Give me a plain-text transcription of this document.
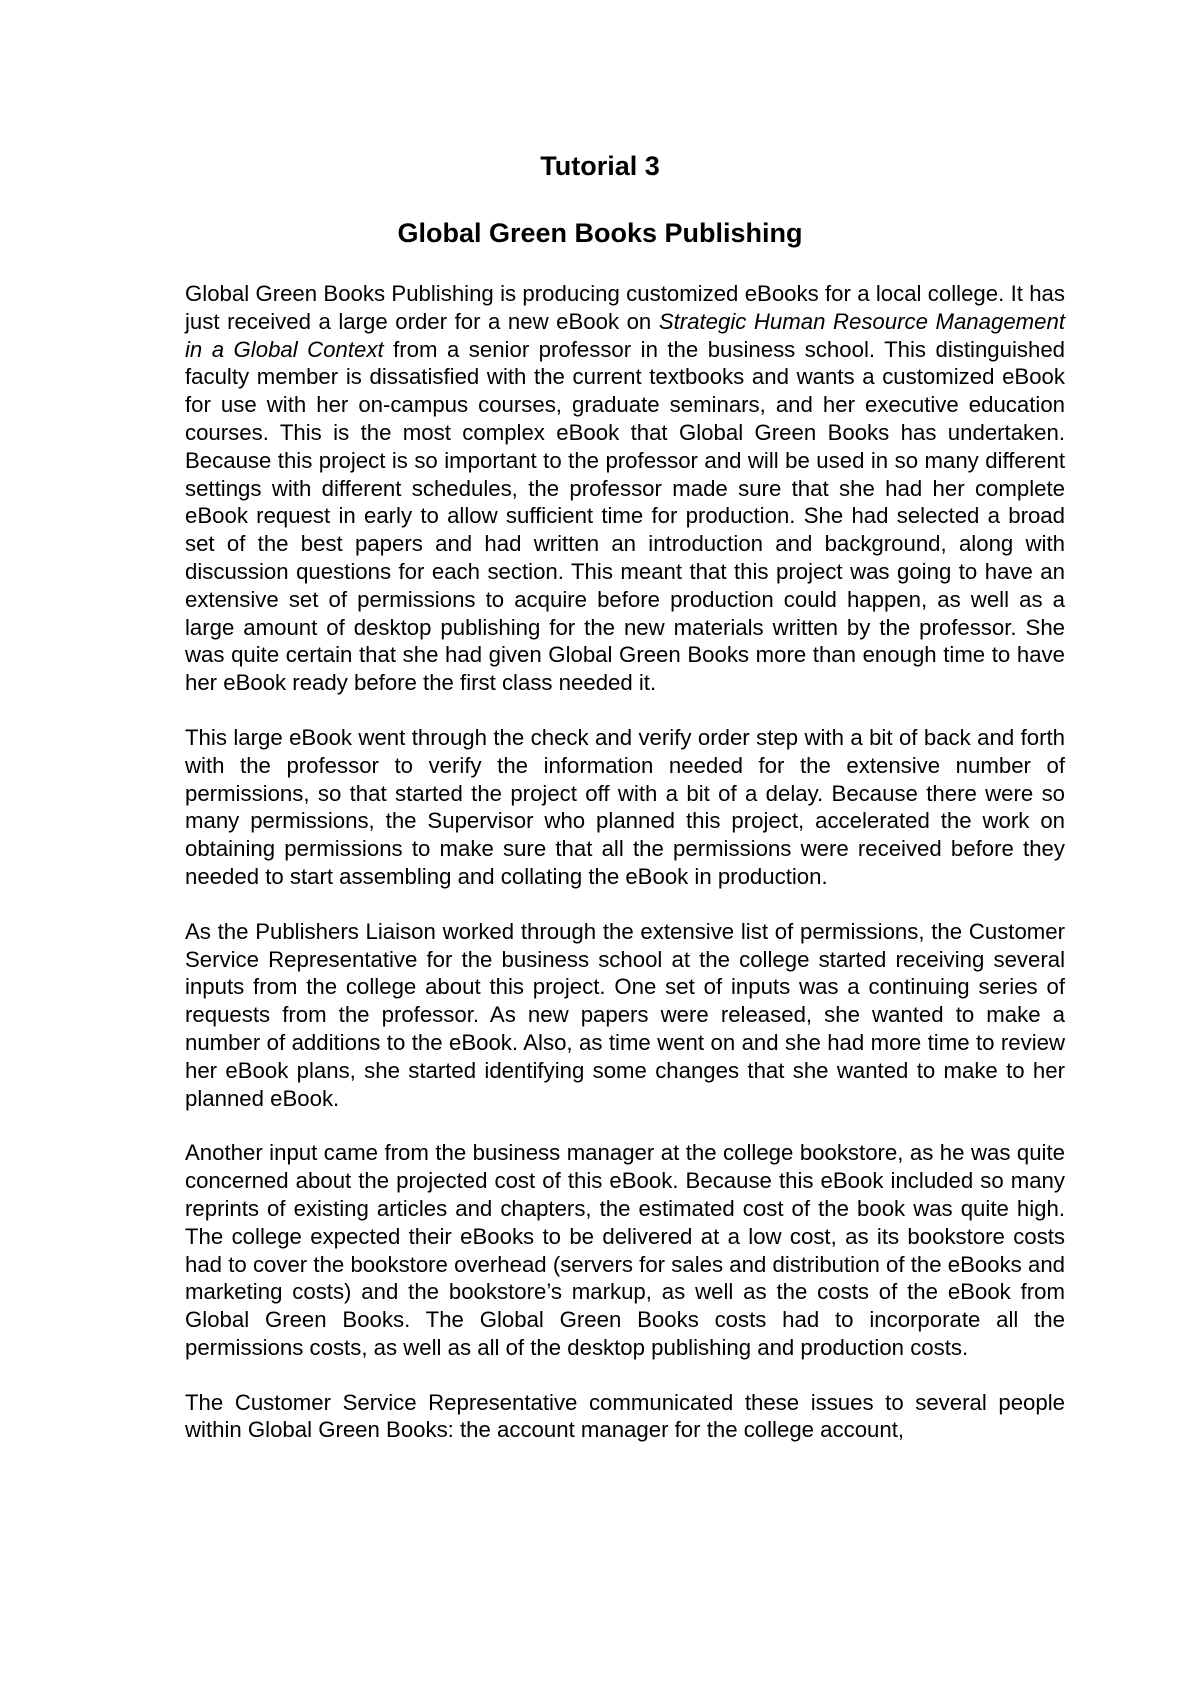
Tutorial 3
Global Green Books Publishing

Global Green Books Publishing is producing customized eBooks for a local college. It has just received a large order for a new eBook on Strategic Human Resource Management in a Global Context from a senior professor in the business school. This distinguished faculty member is dissatisfied with the current textbooks and wants a customized eBook for use with her on-campus courses, graduate seminars, and her executive education courses. This is the most complex eBook that Global Green Books has undertaken. Because this project is so important to the professor and will be used in so many different settings with different schedules, the professor made sure that she had her complete eBook request in early to allow sufficient time for production. She had selected a broad set of the best papers and had written an introduction and background, along with discussion questions for each section. This meant that this project was going to have an extensive set of permissions to acquire before production could happen, as well as a large amount of desktop publishing for the new materials written by the professor. She was quite certain that she had given Global Green Books more than enough time to have her eBook ready before the first class needed it.

This large eBook went through the check and verify order step with a bit of back and forth with the professor to verify the information needed for the extensive number of permissions, so that started the project off with a bit of a delay. Because there were so many permissions, the Supervisor who planned this project, accelerated the work on obtaining permissions to make sure that all the permissions were received before they needed to start assembling and collating the eBook in production.

As the Publishers Liaison worked through the extensive list of permissions, the Customer Service Representative for the business school at the college started receiving several inputs from the college about this project. One set of inputs was a continuing series of requests from the professor. As new papers were released, she wanted to make a number of additions to the eBook. Also, as time went on and she had more time to review her eBook plans, she started identifying some changes that she wanted to make to her planned eBook.

Another input came from the business manager at the college bookstore, as he was quite concerned about the projected cost of this eBook. Because this eBook included so many reprints of existing articles and chapters, the estimated cost of the book was quite high. The college expected their eBooks to be delivered at a low cost, as its bookstore costs had to cover the bookstore overhead (servers for sales and distribution of the eBooks and marketing costs) and the bookstore’s markup, as well as the costs of the eBook from Global Green Books. The Global Green Books costs had to incorporate all the permissions costs, as well as all of the desktop publishing and production costs.

The Customer Service Representative communicated these issues to several people within Global Green Books: the account manager for the college account,
